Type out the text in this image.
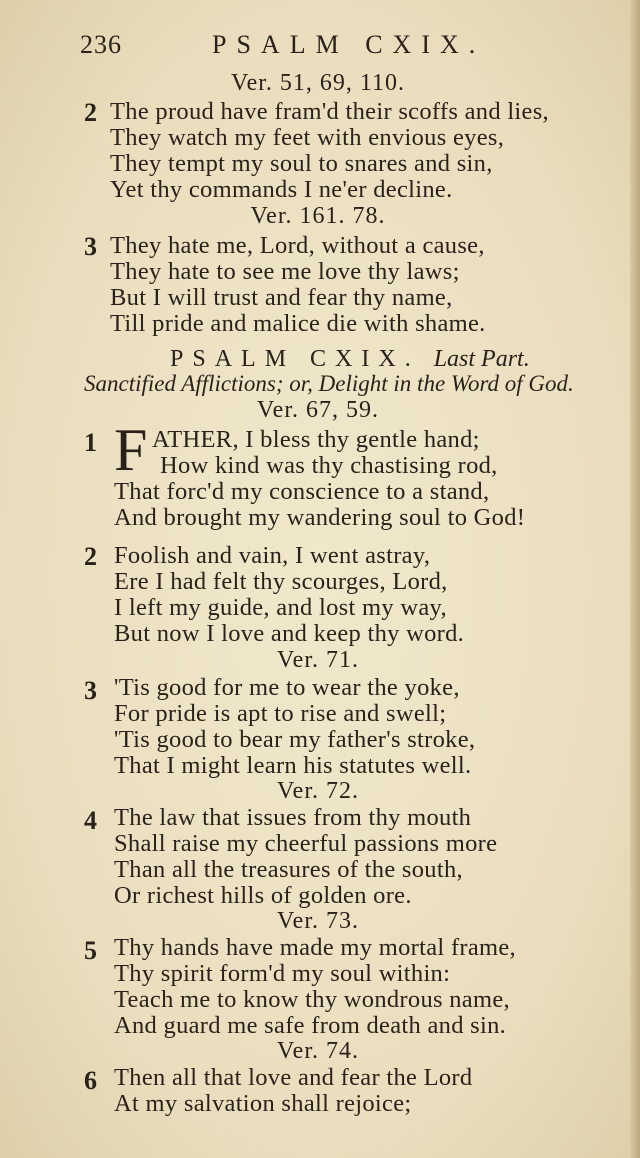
236	PSALM CXIX.
Ver. 51, 69, 110.
2 The proud have fram'd their scoffs and lies,
They watch my feet with envious eyes,
They tempt my soul to snares and sin,
Yet thy commands I ne'er decline.
Ver. 161. 78.
3 They hate me, Lord, without a cause,
They hate to see me love thy laws;
But I will trust and fear thy name,
Till pride and malice die with shame.
PSALM CXIX. Last Part.
Sanctified Afflictions; or, Delight in the Word of God.
Ver. 67, 59.
1 F ATHER, I bless thy gentle hand;
How kind was thy chastising rod,
That forc'd my conscience to a stand,
And brought my wandering soul to God!
2 Foolish and vain, I went astray,
Ere I had felt thy scourges, Lord,
I left my guide, and lost my way,
But now I love and keep thy word.
Ver. 71.
3 'Tis good for me to wear the yoke,
For pride is apt to rise and swell;
'Tis good to bear my father's stroke,
That I might learn his statutes well.
Ver. 72.
4 The law that issues from thy mouth
Shall raise my cheerful passions more
Than all the treasures of the south,
Or richest hills of golden ore.
Ver. 73.
5 Thy hands have made my mortal frame,
Thy spirit form'd my soul within:
Teach me to know thy wondrous name,
And guard me safe from death and sin.
Ver. 74.
6 Then all that love and fear the Lord
At my salvation shall rejoice;
